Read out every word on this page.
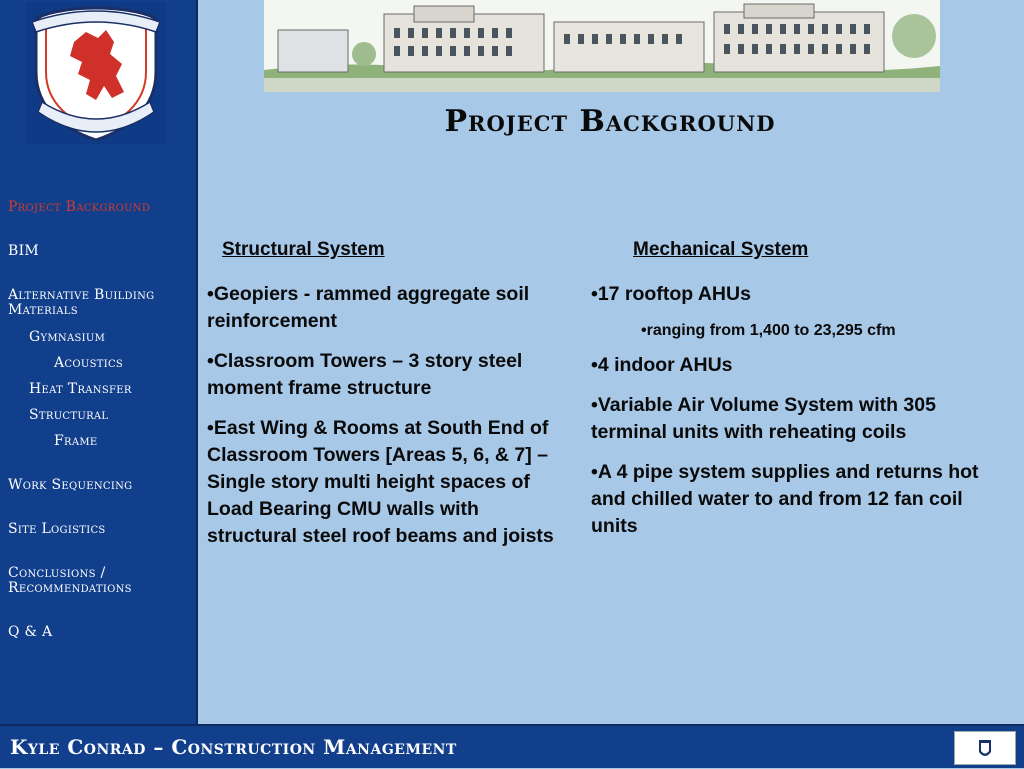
Project Background
BIM
Alternative Building Materials
Gymnasium
Acoustics
Heat Transfer
Structural
Frame
Work Sequencing
Site Logistics
Conclusions / Recommendations
Q & A
Project Background
Structural System

•Geopiers - rammed aggregate soil reinforcement

•Classroom Towers – 3 story steel moment frame structure

•East Wing & Rooms at South End of Classroom Towers [Areas 5, 6, & 7] – Single story multi height spaces of Load Bearing CMU walls with structural steel roof beams and joists

Mechanical System

•17 rooftop AHUs

•ranging from 1,400 to 23,295 cfm

•4 indoor AHUs

•Variable Air Volume System with 305 terminal units with reheating coils

•A 4 pipe system supplies and returns hot and chilled water to and from 12 fan coil units

Kyle Conrad – Construction Management
